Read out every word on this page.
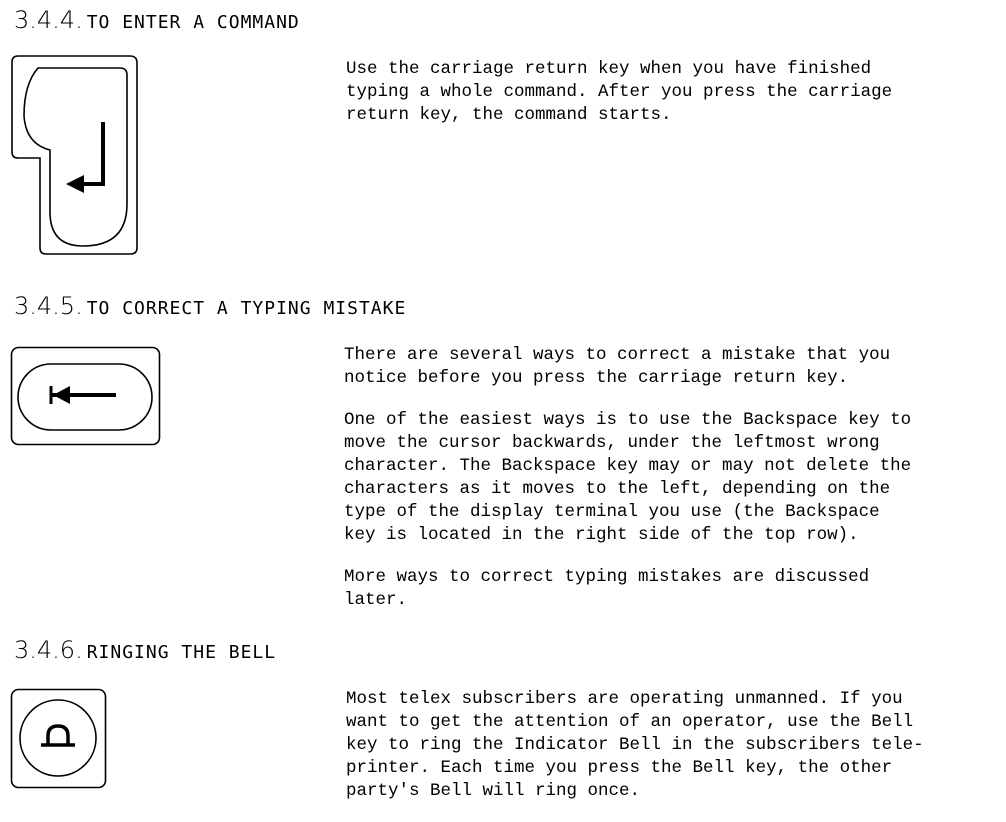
3.4.4. TO ENTER A COMMAND

Use the carriage return key when you have finished
typing a whole command. After you press the carriage
return key, the command starts.

3.4.5. TO CORRECT A TYPING MISTAKE

There are several ways to correct a mistake that you
notice before you press the carriage return key.

One of the easiest ways is to use the Backspace key to
move the cursor backwards, under the leftmost wrong
character. The Backspace key may or may not delete the
characters as it moves to the left, depending on the
type of the display terminal you use (the Backspace
key is located in the right side of the top row).

More ways to correct typing mistakes are discussed
later.

3.4.6. RINGING THE BELL

Most telex subscribers are operating unmanned. If you
want to get the attention of an operator, use the Bell
key to ring the Indicator Bell in the subscribers tele-
printer. Each time you press the Bell key, the other
party's Bell will ring once.
